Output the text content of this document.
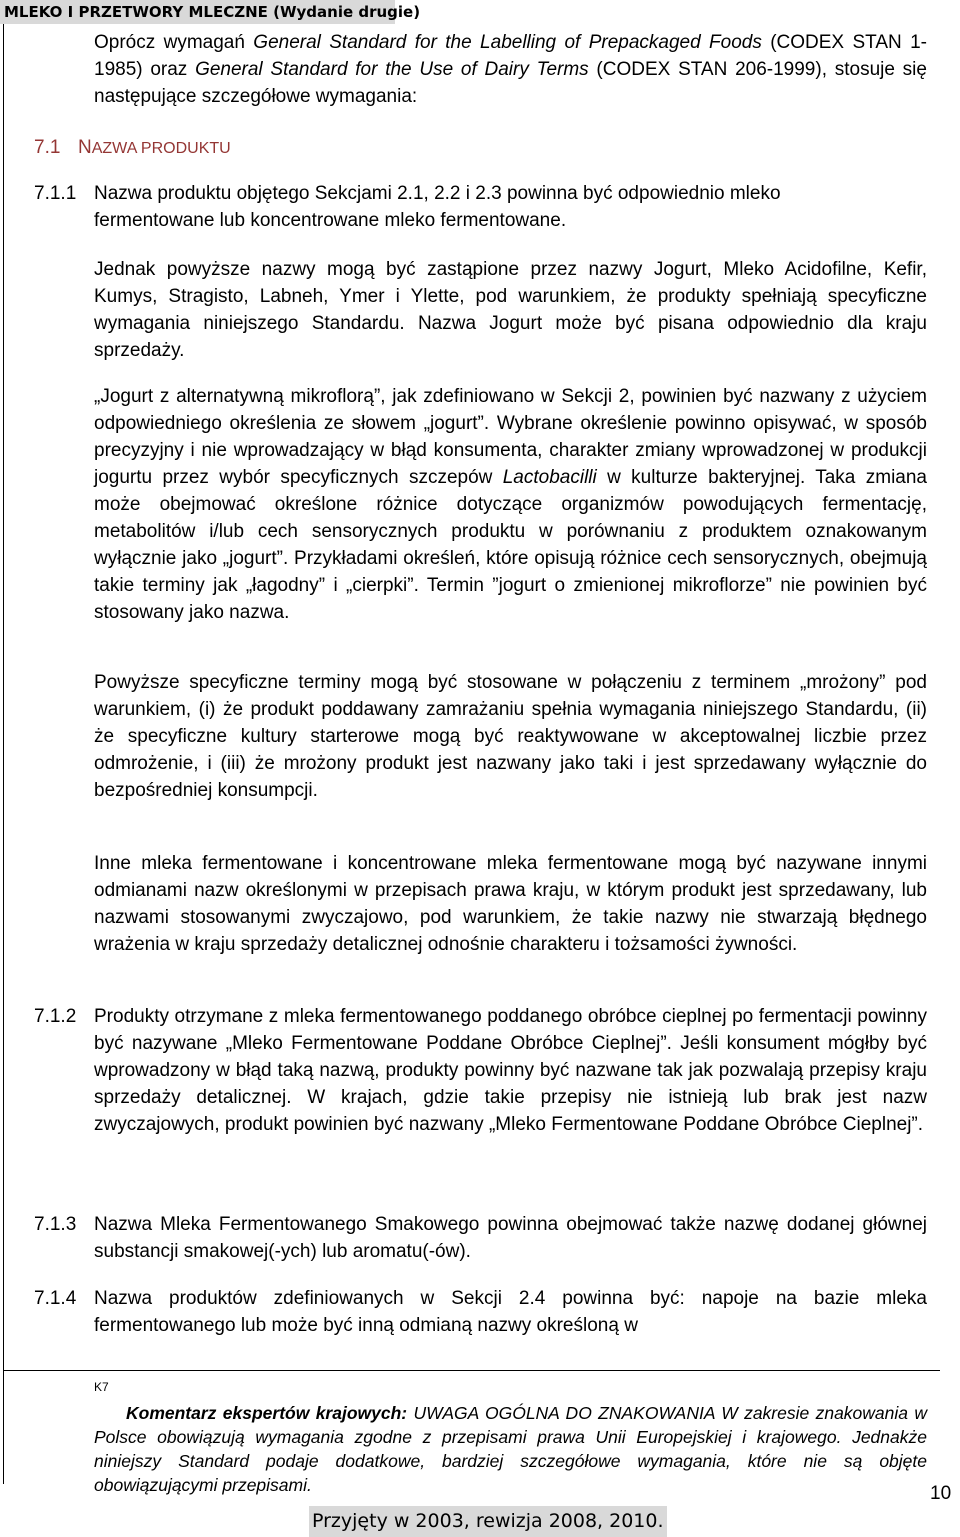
MLEKO I PRZETWORY MLECZNE (Wydanie drugie)

Oprócz wymagań General Standard for the Labelling of Prepackaged Foods (CODEX STAN 1-1985) oraz General Standard for the Use of Dairy Terms (CODEX STAN 206-1999), stosuje się następujące szczegółowe wymagania:

7.1 NAZWA PRODUKTU

7.1.1 Nazwa produktu objętego Sekcjami 2.1, 2.2 i 2.3 powinna być odpowiednio mleko
fermentowane lub koncentrowane mleko fermentowane.

Jednak powyższe nazwy mogą być zastąpione przez nazwy Jogurt, Mleko Acidofilne, Kefir, Kumys, Stragisto, Labneh, Ymer i Ylette, pod warunkiem, że produkty spełniają specyficzne wymagania niniejszego Standardu. Nazwa Jogurt może być pisana odpowiednio dla kraju sprzedaży.

„Jogurt z alternatywną mikroflorą”, jak zdefiniowano w Sekcji 2, powinien być nazwany z użyciem odpowiedniego określenia ze słowem „jogurt”. Wybrane określenie powinno opisywać, w sposób precyzyjny i nie wprowadzający w błąd konsumenta, charakter zmiany wprowadzonej w produkcji jogurtu przez wybór specyficznych szczepów Lactobacilli w kulturze bakteryjnej. Taka zmiana może obejmować określone różnice dotyczące organizmów powodujących fermentację, metabolitów i/lub cech sensorycznych produktu w porównaniu z produktem oznakowanym wyłącznie jako „jogurt”. Przykładami określeń, które opisują różnice cech sensorycznych, obejmują takie terminy jak „łagodny” i „cierpki”. Termin ”jogurt o zmienionej mikroflorze” nie powinien być stosowany jako nazwa.

Powyższe specyficzne terminy mogą być stosowane w połączeniu z terminem „mrożony” pod warunkiem, (i) że produkt poddawany zamrażaniu spełnia wymagania niniejszego Standardu, (ii) że specyficzne kultury starterowe mogą być reaktywowane w akceptowalnej liczbie przez odmrożenie, i (iii) że mrożony produkt jest nazwany jako taki i jest sprzedawany wyłącznie do bezpośredniej konsumpcji.

Inne mleka fermentowane i koncentrowane mleka fermentowane mogą być nazywane innymi odmianami nazw określonymi w przepisach prawa kraju, w którym produkt jest sprzedawany, lub nazwami stosowanymi zwyczajowo, pod warunkiem, że takie nazwy nie stwarzają błędnego wrażenia w kraju sprzedaży detalicznej odnośnie charakteru i tożsamości żywności.

7.1.2 Produkty otrzymane z mleka fermentowanego poddanego obróbce cieplnej po fermentacji powinny być nazywane „Mleko Fermentowane Poddane Obróbce Cieplnej”. Jeśli konsument mógłby być wprowadzony w błąd taką nazwą, produkty powinny być nazwane tak jak pozwalają przepisy kraju sprzedaży detalicznej. W krajach, gdzie takie przepisy nie istnieją lub brak jest nazw zwyczajowych, produkt powinien być nazwany „Mleko Fermentowane Poddane Obróbce Cieplnej”.

7.1.3 Nazwa Mleka Fermentowanego Smakowego powinna obejmować także nazwę dodanej głównej substancji smakowej(-ych) lub aromatu(-ów).

7.1.4 Nazwa produktów zdefiniowanych w Sekcji 2.4 powinna być: napoje na bazie mleka fermentowanego lub może być inną odmianą nazwy określoną w

K7

Komentarz ekspertów krajowych: UWAGA OGÓLNA DO ZNAKOWANIA W zakresie znakowania w Polsce obowiązują wymagania zgodne z przepisami prawa Unii Europejskiej i krajowego. Jednakże niniejszy Standard podaje dodatkowe, bardziej szczegółowe wymagania, które nie są objęte obowiązującymi przepisami.	10
Przyjęty w 2003, rewizja 2008, 2010.
